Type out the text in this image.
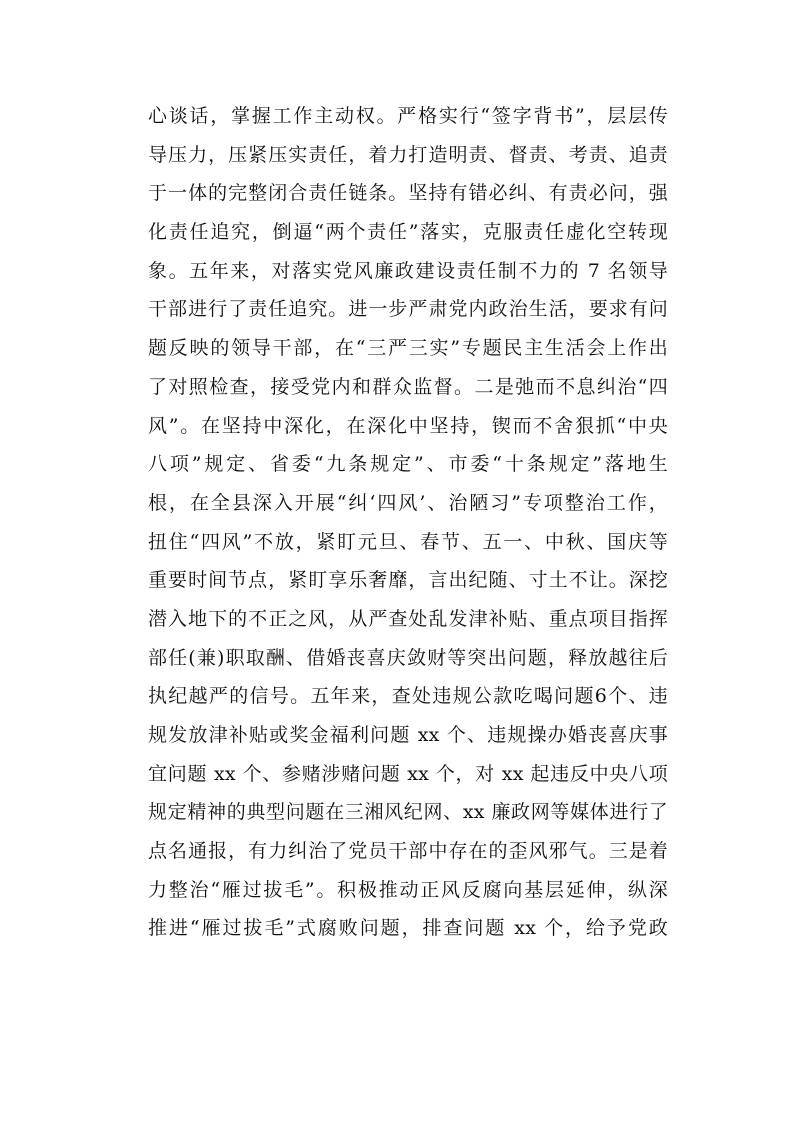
心谈话，掌握工作主动权。严格实行“签字背书”，层层传
导压力，压紧压实责任，着力打造明责、督责、考责、追责
于一体的完整闭合责任链条。坚持有错必纠、有责必问，强
化责任追究，倒逼“两个责任”落实，克服责任虚化空转现
象。五年来，对落实党风廉政建设责任制不力的 7 名领导
干部进行了责任追究。进一步严肃党内政治生活，要求有问
题反映的领导干部，在“三严三实”专题民主生活会上作出
了对照检查，接受党内和群众监督。二是弛而不息纠治“四
风”。在坚持中深化，在深化中坚持，锲而不舍狠抓“中央
八项”规定、省委“九条规定”、市委“十条规定”落地生
根，在全县深入开展“纠‘四风’、治陋习”专项整治工作，
扭住“四风”不放，紧盯元旦、春节、五一、中秋、国庆等
重要时间节点，紧盯享乐奢靡，言出纪随、寸土不让。深挖
潜入地下的不正之风，从严查处乱发津补贴、重点项目指挥
部任(兼)职取酬、借婚丧喜庆敛财等突出问题，释放越往后
执纪越严的信号。五年来，查处违规公款吃喝问题6个、违
规发放津补贴或奖金福利问题 xx 个、违规操办婚丧喜庆事
宜问题 xx 个、参赌涉赌问题 xx 个，对 xx 起违反中央八项
规定精神的典型问题在三湘风纪网、xx 廉政网等媒体进行了
点名通报，有力纠治了党员干部中存在的歪风邪气。三是着
力整治“雁过拔毛”。积极推动正风反腐向基层延伸，纵深
推进“雁过拔毛”式腐败问题，排查问题 xx 个，给予党政
